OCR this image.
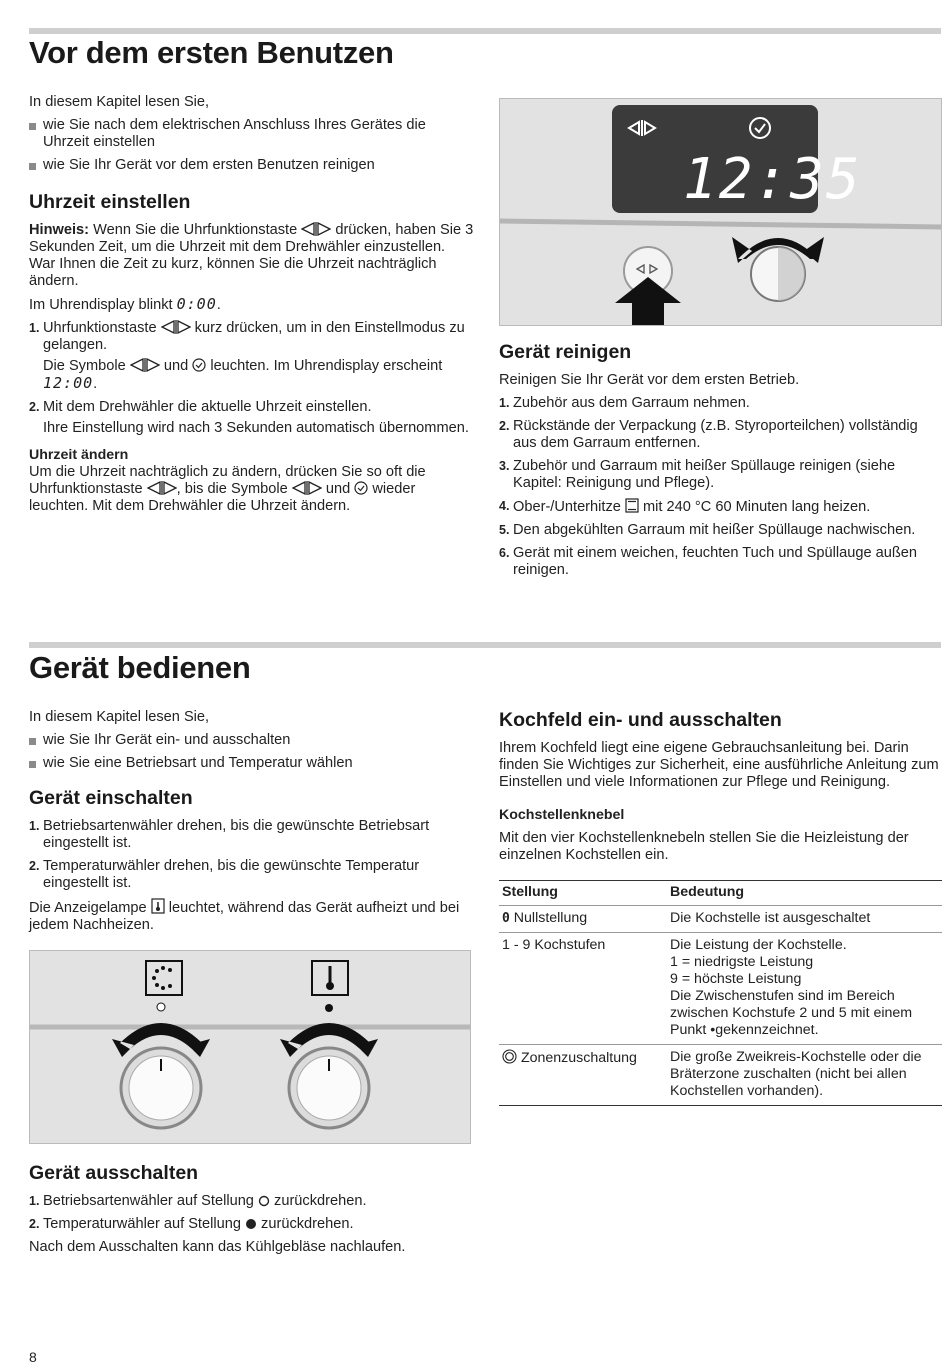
Vor dem ersten Benutzen

In diesem Kapitel lesen Sie,

wie Sie nach dem elektrischen Anschluss Ihres Gerätes die Uhrzeit einstellen
wie Sie Ihr Gerät vor dem ersten Benutzen reinigen
Uhrzeit einstellen

Hinweis: Wenn Sie die Uhrfunktionstaste  drücken, haben Sie 3 Sekunden Zeit, um die Uhrzeit mit dem Drehwähler einzustellen. War Ihnen die Zeit zu kurz, können Sie die Uhrzeit nachträglich ändern.

Im Uhrendisplay blinkt 0:00.

1. Uhrfunktionstaste  kurz drücken, um in den Einstellmodus zu gelangen.
Die Symbole  und  leuchten. Im Uhrendisplay erscheint 12:00.
2. Mit dem Drehwähler die aktuelle Uhrzeit einstellen.
Ihre Einstellung wird nach 3 Sekunden automatisch übernommen.
Uhrzeit ändern

Um die Uhrzeit nachträglich zu ändern, drücken Sie so oft die Uhrfunktionstaste , bis die Symbole  und  wieder leuchten. Mit dem Drehwähler die Uhrzeit ändern.

12:35
Gerät reinigen

Reinigen Sie Ihr Gerät vor dem ersten Betrieb.

1. Zubehör aus dem Garraum nehmen.
2. Rückstände der Verpackung (z.B. Styroporteilchen) vollständig aus dem Garraum entfernen.
3. Zubehör und Garraum mit heißer Spüllauge reinigen (siehe Kapitel: Reinigung und Pflege).
4. Ober-/Unterhitze  mit 240 °C 60 Minuten lang heizen.
5. Den abgekühlten Garraum mit heißer Spüllauge nachwischen.
6. Gerät mit einem weichen, feuchten Tuch und Spüllauge außen reinigen.
Gerät bedienen

In diesem Kapitel lesen Sie,

wie Sie Ihr Gerät ein- und ausschalten
wie Sie eine Betriebsart und Temperatur wählen
Gerät einschalten
1. Betriebsartenwähler drehen, bis die gewünschte Betriebsart eingestellt ist.
2. Temperaturwähler drehen, bis die gewünschte Temperatur eingestellt ist.

Die Anzeigelampe  leuchtet, während das Gerät aufheizt und bei jedem Nachheizen.

Gerät ausschalten
1. Betriebsartenwähler auf Stellung  zurückdrehen.
2. Temperaturwähler auf Stellung  zurückdrehen.

Nach dem Ausschalten kann das Kühlgebläse nachlaufen.

Kochfeld ein- und ausschalten

Ihrem Kochfeld liegt eine eigene Gebrauchsanleitung bei. Darin finden Sie Wichtiges zur Sicherheit, eine ausführliche Anleitung zum Einstellen und viele Informationen zur Pflege und Reinigung.

Kochstellenknebel

Mit den vier Kochstellenknebeln stellen Sie die Heizleistung der einzelnen Kochstellen ein.

Stellung	Bedeutung
0 Nullstellung	Die Kochstelle ist ausgeschaltet
1 - 9 Kochstufen	Die Leistung der Kochstelle.
1 = niedrigste Leistung
9 = höchste Leistung
Die Zwischenstufen sind im Bereich zwischen Kochstufe 2 und 5 mit einem Punkt •gekennzeichnet.

Zonenzuschaltung	Die große Zweikreis-Kochstelle oder die Bräterzone zuschalten (nicht bei allen Kochstellen vorhanden).
8
